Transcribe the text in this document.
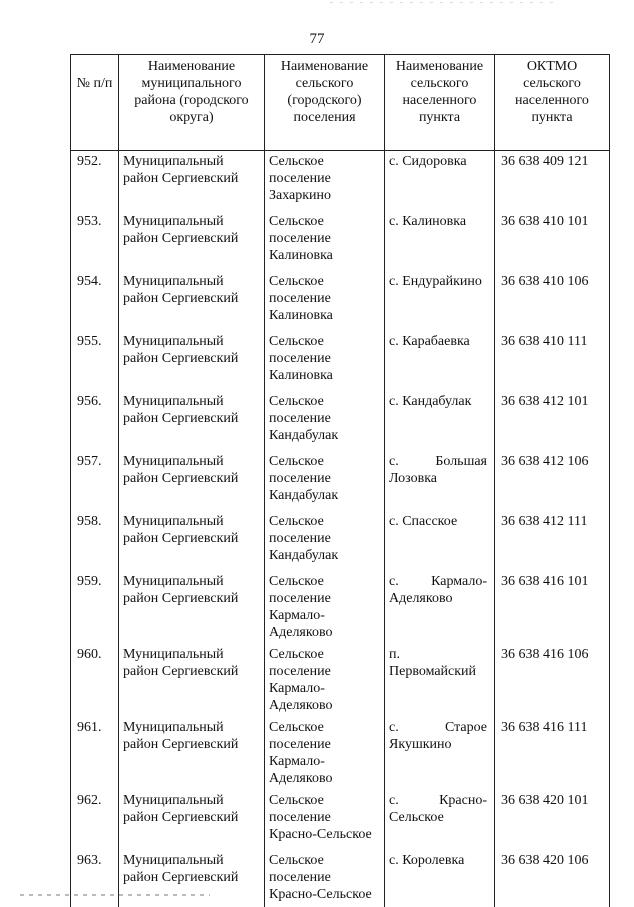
77
№ п/п	Наименование муниципального района (городского округа)	Наименование сельского (городского) поселения	Наименование сельского населенного пункта	ОКТМО сельского населенного пункта
952.	Муниципальный район Сергиевский	Сельское поселение Захаркино	с. Сидоровка	36 638 409 121
953.	Муниципальный район Сергиевский	Сельское поселение Калиновка	с. Калиновка	36 638 410 101
954.	Муниципальный район Сергиевский	Сельское поселение Калиновка	с. Ендурайкино	36 638 410 106
955.	Муниципальный район Сергиевский	Сельское поселение Калиновка	с. Карабаевка	36 638 410 111
956.	Муниципальный район Сергиевский	Сельское поселение Кандабулак	с. Кандабулак	36 638 412 101
957.	Муниципальный район Сергиевский	Сельское поселение Кандабулак	с. Большая Лозовка	36 638 412 106
958.	Муниципальный район Сергиевский	Сельское поселение Кандабулак	с. Спасское	36 638 412 111
959.	Муниципальный район Сергиевский	Сельское поселение Кармало-Аделяково	с. Кармало-Аделяково	36 638 416 101
960.	Муниципальный район Сергиевский	Сельское поселение Кармало-Аделяково	п. Первомайский	36 638 416 106
961.	Муниципальный район Сергиевский	Сельское поселение Кармало-Аделяково	с. Старое Якушкино	36 638 416 111
962.	Муниципальный район Сергиевский	Сельское поселение Красно-Сельское	с. Красно-Сельское	36 638 420 101
963.	Муниципальный район Сергиевский	Сельское поселение Красно-Сельское	с. Королевка	36 638 420 106
